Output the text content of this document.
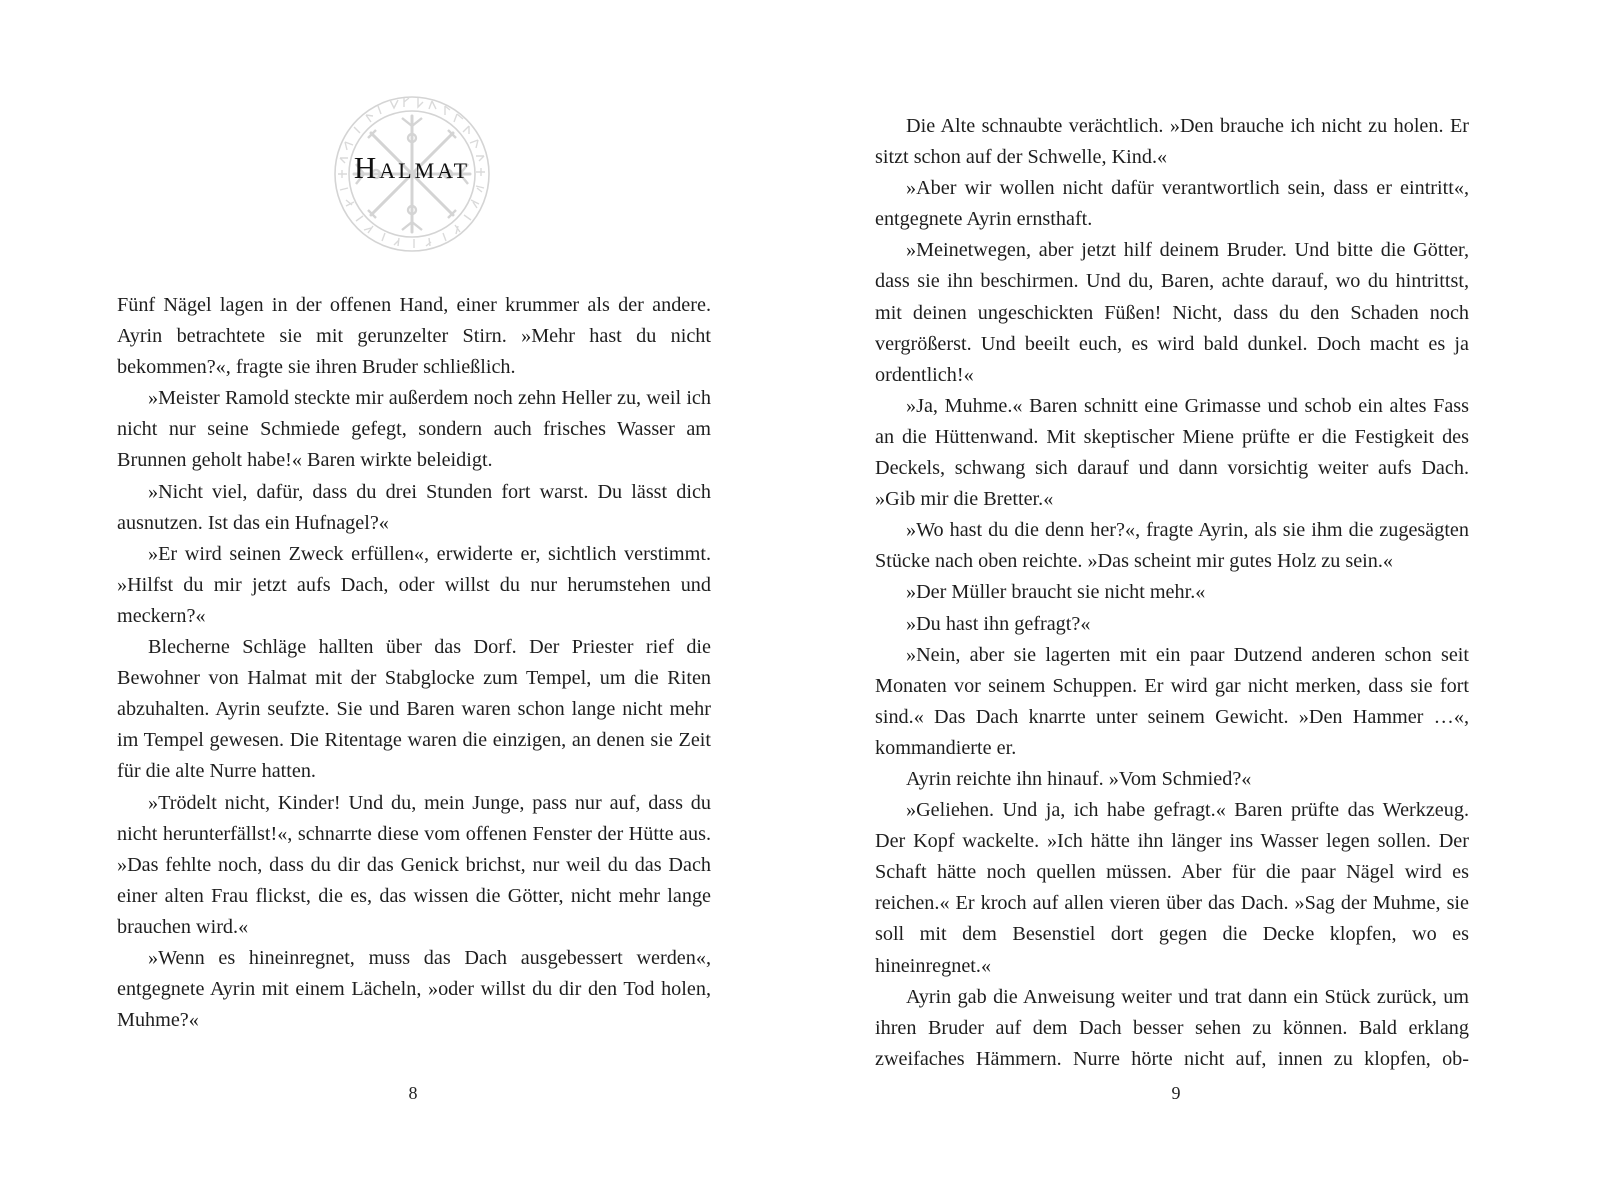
Halmat

Fünf Nägel lagen in der offenen Hand, einer krummer als der andere. Ayrin betrachtete sie mit gerunzelter Stirn. »Mehr hast du nicht bekommen?«, fragte sie ihren Bruder schließlich.

»Meister Ramold steckte mir außerdem noch zehn Heller zu, weil ich nicht nur seine Schmiede gefegt, sondern auch frisches Wasser am Brunnen geholt habe!« Baren wirkte beleidigt.

»Nicht viel, dafür, dass du drei Stunden fort warst. Du lässt dich ausnutzen. Ist das ein Hufnagel?«

»Er wird seinen Zweck erfüllen«, erwiderte er, sichtlich verstimmt. »Hilfst du mir jetzt aufs Dach, oder willst du nur herumstehen und meckern?«

Blecherne Schläge hallten über das Dorf. Der Priester rief die Bewohner von Halmat mit der Stabglocke zum Tempel, um die Riten abzuhalten. Ayrin seufzte. Sie und Baren waren schon lange nicht mehr im Tempel gewesen. Die Ritentage waren die einzigen, an denen sie Zeit für die alte Nurre hatten.

»Trödelt nicht, Kinder! Und du, mein Junge, pass nur auf, dass du nicht herunterfällst!«, schnarrte diese vom offenen Fenster der Hütte aus. »Das fehlte noch, dass du dir das Genick brichst, nur weil du das Dach einer alten Frau flickst, die es, das wissen die Götter, nicht mehr lange brauchen wird.«

»Wenn es hineinregnet, muss das Dach ausgebessert werden«, entgegnete Ayrin mit einem Lächeln, »oder willst du dir den Tod holen, Muhme?«

8

Die Alte schnaubte verächtlich. »Den brauche ich nicht zu holen. Er sitzt schon auf der Schwelle, Kind.«

»Aber wir wollen nicht dafür verantwortlich sein, dass er eintritt«, entgegnete Ayrin ernsthaft.

»Meinetwegen, aber jetzt hilf deinem Bruder. Und bitte die Götter, dass sie ihn beschirmen. Und du, Baren, achte darauf, wo du hintrittst, mit deinen ungeschickten Füßen! Nicht, dass du den Schaden noch vergrößerst. Und beeilt euch, es wird bald dunkel. Doch macht es ja ordentlich!«

»Ja, Muhme.« Baren schnitt eine Grimasse und schob ein altes Fass an die Hüttenwand. Mit skeptischer Miene prüfte er die Festigkeit des Deckels, schwang sich darauf und dann vorsichtig weiter aufs Dach. »Gib mir die Bretter.«

»Wo hast du die denn her?«, fragte Ayrin, als sie ihm die zugesägten Stücke nach oben reichte. »Das scheint mir gutes Holz zu sein.«

»Der Müller braucht sie nicht mehr.«

»Du hast ihn gefragt?«

»Nein, aber sie lagerten mit ein paar Dutzend anderen schon seit Monaten vor seinem Schuppen. Er wird gar nicht merken, dass sie fort sind.« Das Dach knarrte unter seinem Gewicht. »Den Hammer …«, kommandierte er.

Ayrin reichte ihn hinauf. »Vom Schmied?«

»Geliehen. Und ja, ich habe gefragt.« Baren prüfte das Werkzeug. Der Kopf wackelte. »Ich hätte ihn länger ins Wasser legen sollen. Der Schaft hätte noch quellen müssen. Aber für die paar Nägel wird es reichen.« Er kroch auf allen vieren über das Dach. »Sag der Muhme, sie soll mit dem Besenstiel dort gegen die Decke klopfen, wo es hineinregnet.«

Ayrin gab die Anweisung weiter und trat dann ein Stück zurück, um ihren Bruder auf dem Dach besser sehen zu können. Bald erklang zweifaches Hämmern. Nurre hörte nicht auf, innen zu klopfen, ob-

9
